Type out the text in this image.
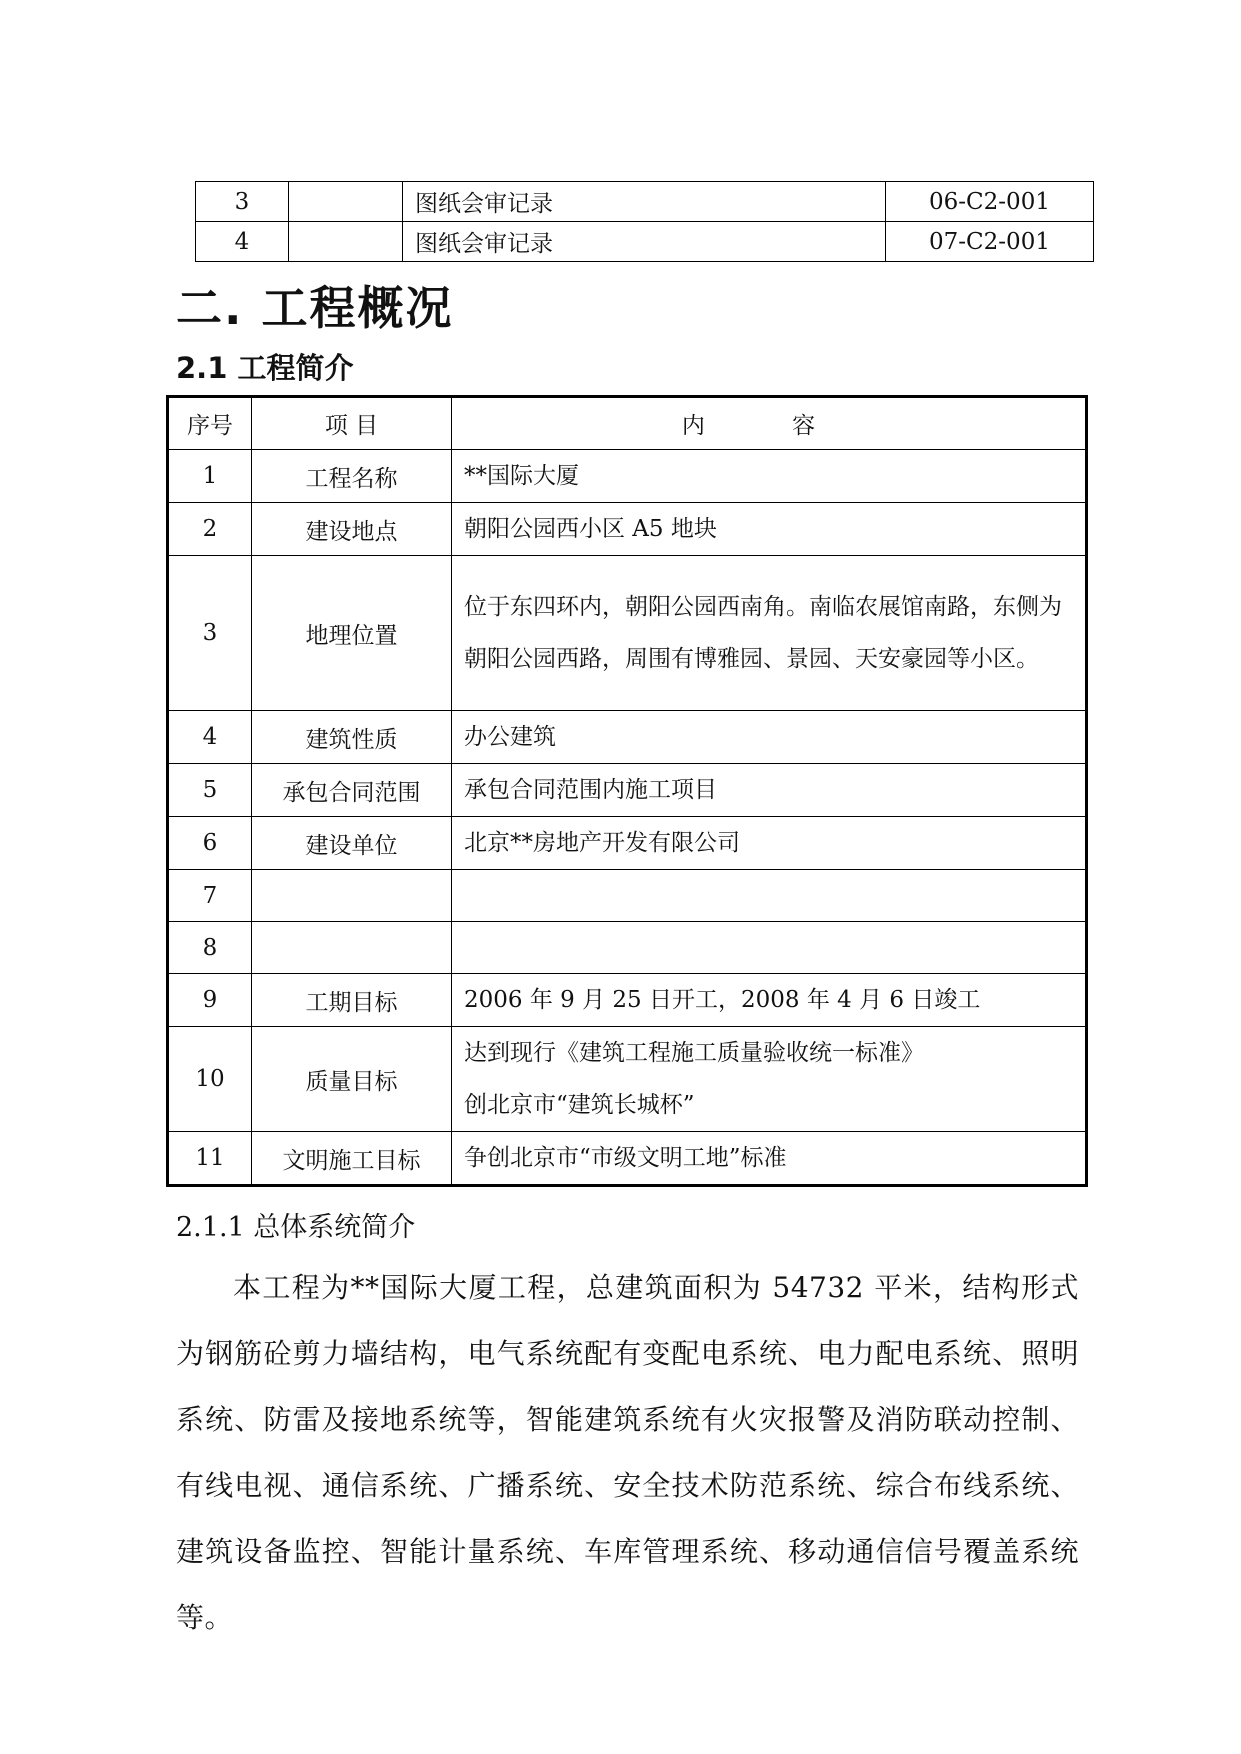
3		图纸会审记录	06-C2-001
4		图纸会审记录	07-C2-001
二. 工程概况
2.1 工程简介
序号	项 目	内 容
1	工程名称	**国际大厦
2	建设地点	朝阳公园西小区 A5 地块
3	地理位置	位于东四环内，朝阳公园西南角。南临农展馆南路，东侧为朝阳公园西路，周围有博雅园、景园、天安豪园等小区。
4	建筑性质	办公建筑
5	承包合同范围	承包合同范围内施工项目
6	建设单位	北京**房地产开发有限公司
7		
8		
9	工期目标	2006 年 9 月 25 日开工，2008 年 4 月 6 日竣工
10	质量目标	达到现行《建筑工程施工质量验收统一标准》
创北京市“建筑长城杯”

11	文明施工目标	争创北京市“市级文明工地”标准
2.1.1 总体系统简介

本工程为**国际大厦工程，总建筑面积为 54732 平米，结构形式为钢筋砼剪力墙结构，电气系统配有变配电系统、电力配电系统、照明系统、防雷及接地系统等，智能建筑系统有火灾报警及消防联动控制、有线电视、通信系统、广播系统、安全技术防范系统、综合布线系统、建筑设备监控、智能计量系统、车库管理系统、移动通信信号覆盖系统等。
